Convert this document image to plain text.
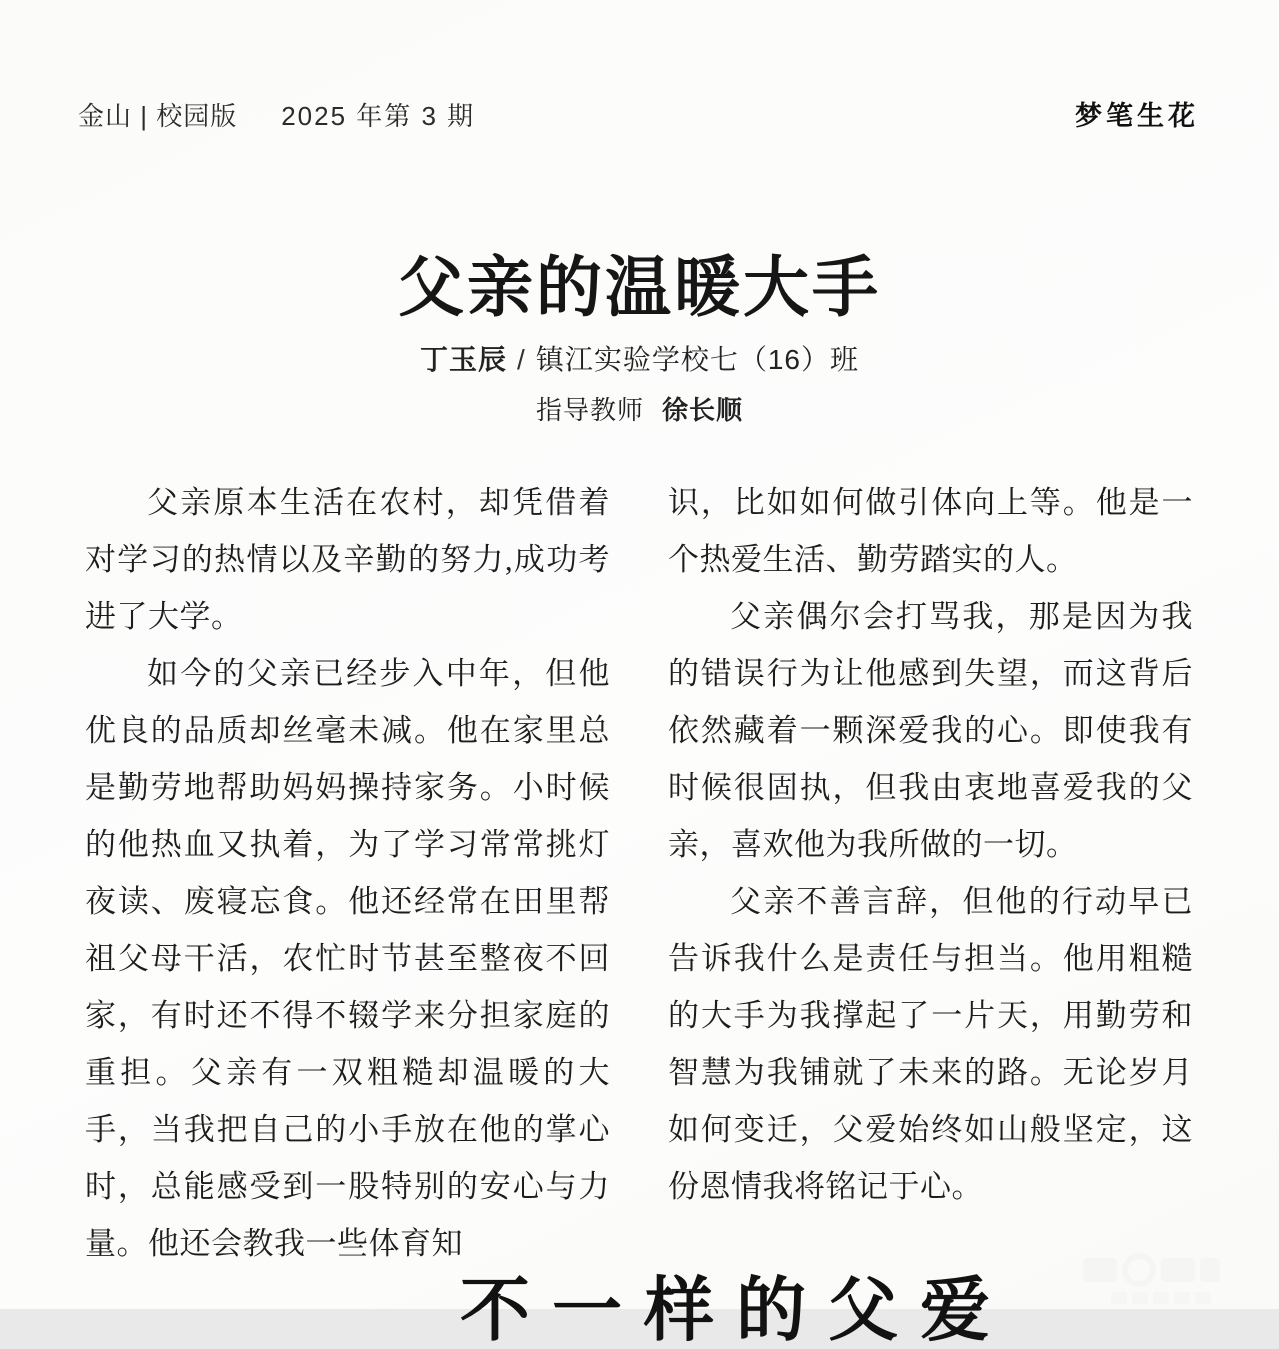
金山 | 校园版 2025 年第 3 期	梦笔生花
父亲的温暖大手
丁玉辰 / 镇江实验学校七（16）班
指导教师 徐长顺

父亲原本生活在农村，却凭借着对学习的热情以及辛勤的努力,成功考进了大学。

如今的父亲已经步入中年，但他优良的品质却丝毫未减。他在家里总是勤劳地帮助妈妈操持家务。小时候的他热血又执着，为了学习常常挑灯夜读、废寝忘食。他还经常在田里帮祖父母干活，农忙时节甚至整夜不回家，有时还不得不辍学来分担家庭的重担。父亲有一双粗糙却温暖的大手，当我把自己的小手放在他的掌心时，总能感受到一股特别的安心与力量。他还会教我一些体育知

识，比如如何做引体向上等。他是一个热爱生活、勤劳踏实的人。

父亲偶尔会打骂我，那是因为我的错误行为让他感到失望，而这背后依然藏着一颗深爱我的心。即使我有时候很固执，但我由衷地喜爱我的父亲，喜欢他为我所做的一切。

父亲不善言辞，但他的行动早已告诉我什么是责任与担当。他用粗糙的大手为我撑起了一片天，用勤劳和智慧为我铺就了未来的路。无论岁月如何变迁，父爱始终如山般坚定，这份恩情我将铭记于心。

不一样的父爱
